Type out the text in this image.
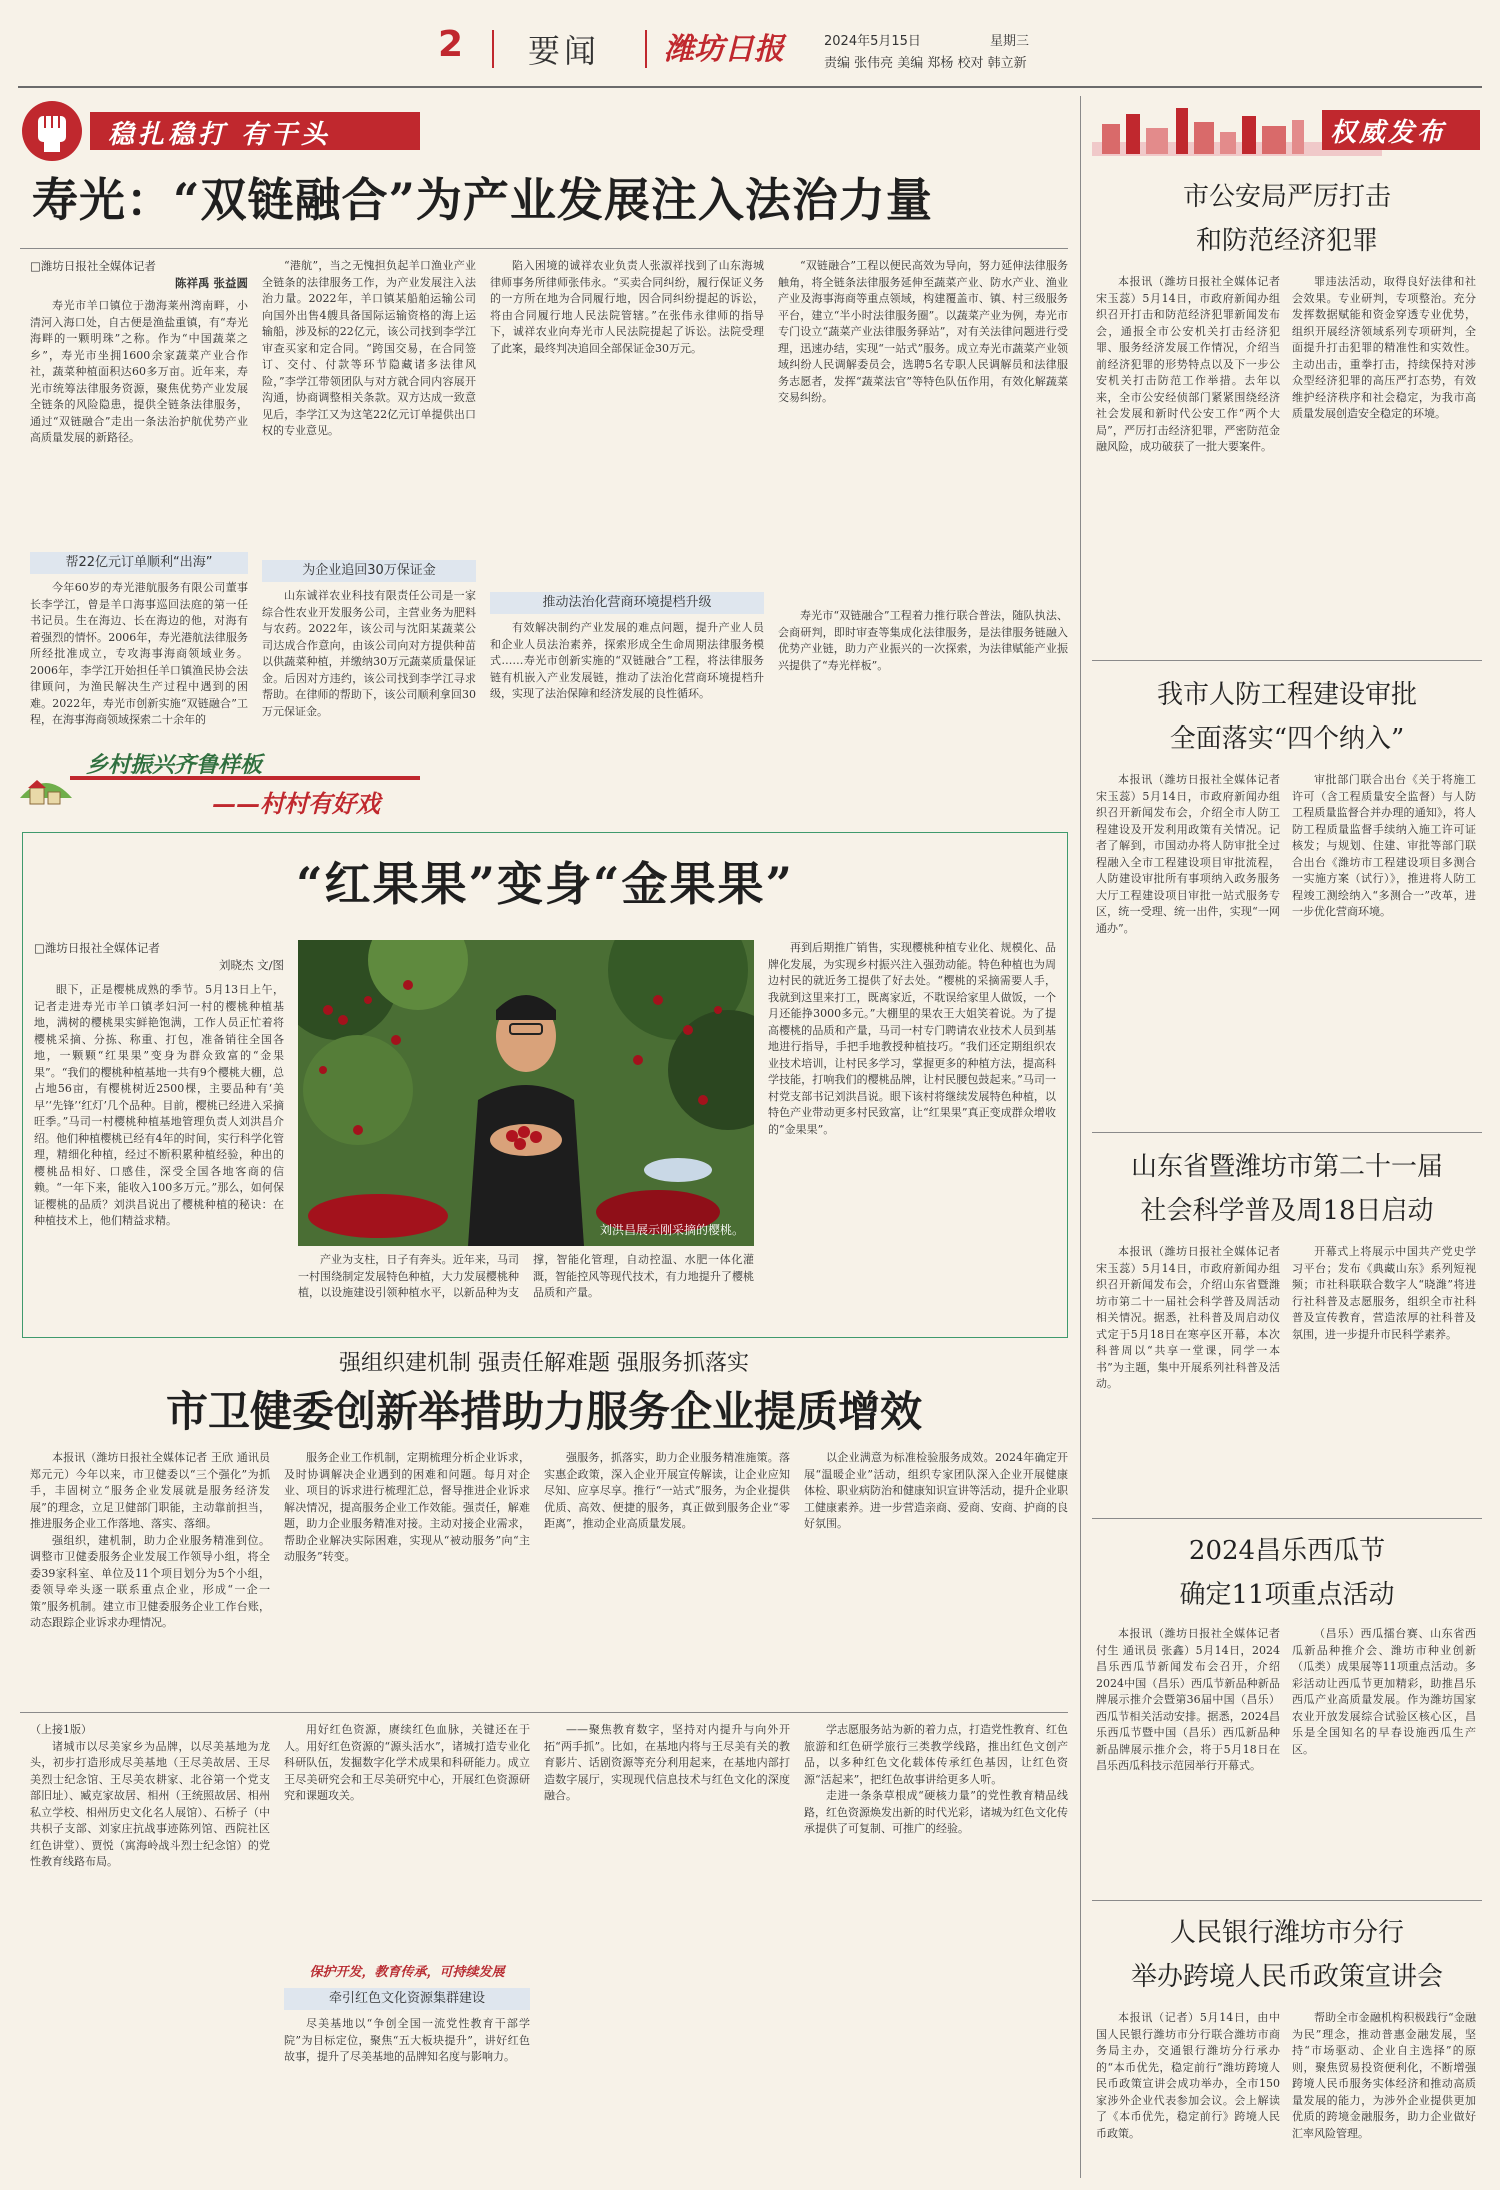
2 要闻 潍坊日报	2024年5月15日	星期三
责编 张伟亮 美编 郑杨 校对 韩立新
稳扎稳打 有干头
寿光：“双链融合”为产业发展注入法治力量
□潍坊日报社全媒体记者
陈祥禹 张益圆
寿光市羊口镇位于渤海莱州湾南畔，小清河入海口处，自古便是渔盐重镇，有“寿光海畔的一颗明珠”之称。作为“中国蔬菜之乡”，寿光市坐拥1600余家蔬菜产业合作社，蔬菜种植面积达60多万亩。近年来，寿光市统筹法律服务资源，聚焦优势产业发展全链条的风险隐患，提供全链条法律服务，通过“双链融合”走出一条法治护航优势产业高质量发展的新路径。
帮22亿元订单顺利“出海”
今年60岁的寿光港航服务有限公司董事长李学江，曾是羊口海事巡回法庭的第一任书记员。生在海边、长在海边的他，对海有着强烈的情怀。2006年，寿光港航法律服务所经批准成立，专攻海事海商领域业务。2006年，李学江开始担任羊口镇渔民协会法律顾问，为渔民解决生产过程中遇到的困难。2022年，寿光市创新实施“双链融合”工程，在海事海商领域探索二十余年的
“港航”，当之无愧担负起羊口渔业产业全链条的法律服务工作，为产业发展注入法治力量。2022年，羊口镇某船舶运输公司向国外出售4艘具备国际运输资格的海上运输船，涉及标的22亿元，该公司找到李学江审查买家和定合同。“跨国交易，在合同签订、交付、付款等环节隐藏诸多法律风险，”李学江带领团队与对方就合同内容展开沟通，协商调整相关条款。双方达成一致意见后，李学江又为这笔22亿元订单提供出口权的专业意见。
为企业追回30万保证金
山东诚祥农业科技有限责任公司是一家综合性农业开发服务公司，主营业务为肥料与农药。2022年，该公司与沈阳某蔬菜公司达成合作意向，由该公司向对方提供种苗以供蔬菜种植，并缴纳30万元蔬菜质量保证金。后因对方违约，该公司找到李学江寻求帮助。在律师的帮助下，该公司顺利拿回30万元保证金。
陷入困境的诚祥农业负责人张淑祥找到了山东海城律师事务所律师张伟永。“买卖合同纠纷，履行保证义务的一方所在地为合同履行地，因合同纠纷提起的诉讼，将由合同履行地人民法院管辖。”在张伟永律师的指导下，诚祥农业向寿光市人民法院提起了诉讼。法院受理了此案，最终判决追回全部保证金30万元。
推动法治化营商环境提档升级
有效解决制约产业发展的难点问题，提升产业人员和企业人员法治素养，探索形成全生命周期法律服务模式……寿光市创新实施的“双链融合”工程，将法律服务链有机嵌入产业发展链，推动了法治化营商环境提档升级，实现了法治保障和经济发展的良性循环。
“双链融合”工程以便民高效为导向，努力延伸法律服务触角，将全链条法律服务延伸至蔬菜产业、防水产业、渔业产业及海事海商等重点领域，构建覆盖市、镇、村三级服务平台，建立“半小时法律服务圈”。以蔬菜产业为例，寿光市专门设立“蔬菜产业法律服务驿站”，对有关法律问题进行受理，迅速办结，实现“一站式”服务。成立寿光市蔬菜产业领域纠纷人民调解委员会，选聘5名专职人民调解员和法律服务志愿者，发挥“蔬菜法官”等特色队伍作用，有效化解蔬菜交易纠纷。
寿光市“双链融合”工程着力推行联合普法，随队执法、会商研判，即时审查等集成化法律服务，是法律服务链融入优势产业链，助力产业振兴的一次探索，为法律赋能产业振兴提供了“寿光样板”。
乡村振兴齐鲁样板
——村村有好戏
“红果果”变身“金果果”
□潍坊日报社全媒体记者
刘晓杰 文/图
眼下，正是樱桃成熟的季节。5月13日上午，记者走进寿光市羊口镇孝妇河一村的樱桃种植基地，满树的樱桃果实鲜艳饱满，工作人员正忙着将樱桃采摘、分拣、称重、打包，准备销往全国各地，一颗颗“红果果”变身为群众致富的“金果果”。“我们的樱桃种植基地一共有9个樱桃大棚，总占地56亩，有樱桃树近2500棵，主要品种有‘美早’‘先锋’‘红灯’几个品种。目前，樱桃已经进入采摘旺季。”马司一村樱桃种植基地管理负责人刘洪昌介绍。他们种植樱桃已经有4年的时间，实行科学化管理，精细化种植，经过不断积累种植经验，种出的樱桃品相好、口感佳，深受全国各地客商的信赖。“一年下来，能收入100多万元。”那么，如何保证樱桃的品质？刘洪昌说出了樱桃种植的秘诀：在种植技术上，他们精益求精。
刘洪昌展示刚采摘的樱桃。
产业为支柱，日子有奔头。近年来，马司一村围绕制定发展特色种植，大力发展樱桃种植，以设施建设引领种植水平，以新品种为支撑，智能化管理，自动控温、水肥一体化灌溉，智能控风等现代技术，有力地提升了樱桃品质和产量。
再到后期推广销售，实现樱桃种植专业化、规模化、品牌化发展，为实现乡村振兴注入强劲动能。特色种植也为周边村民的就近务工提供了好去处。“樱桃的采摘需要人手，我就到这里来打工，既离家近，不耽误给家里人做饭，一个月还能挣3000多元。”大棚里的果农王大姐笑着说。为了提高樱桃的品质和产量，马司一村专门聘请农业技术人员到基地进行指导，手把手地教授种植技巧。“我们还定期组织农业技术培训，让村民多学习，掌握更多的种植方法，提高科学技能，打响我们的樱桃品牌，让村民腰包鼓起来。”马司一村党支部书记刘洪昌说。眼下该村将继续发展特色种植，以特色产业带动更多村民致富，让“红果果”真正变成群众增收的“金果果”。
强组织建机制 强责任解难题 强服务抓落实
市卫健委创新举措助力服务企业提质增效
本报讯（潍坊日报社全媒体记者 王欣 通讯员 郑元元）今年以来，市卫健委以“三个强化”为抓手，丰固树立“服务企业发展就是服务经济发展”的理念，立足卫健部门职能，主动靠前担当，推进服务企业工作落地、落实、落细。
强组织，建机制，助力企业服务精准到位。调整市卫健委服务企业发展工作领导小组，将全委39家科室、单位及11个项目划分为5个小组，委领导牵头逐一联系重点企业，形成“一企一策”服务机制。建立市卫健委服务企业工作台账，动态跟踪企业诉求办理情况。
服务企业工作机制，定期梳理分析企业诉求，及时协调解决企业遇到的困难和问题。每月对企业、项目的诉求进行梳理汇总，督导推进企业诉求解决情况，提高服务企业工作效能。强责任，解难题，助力企业服务精准对接。主动对接企业需求，帮助企业解决实际困难，实现从“被动服务”向“主动服务”转变。
强服务，抓落实，助力企业服务精准施策。落实惠企政策，深入企业开展宣传解读，让企业应知尽知、应享尽享。推行“一站式”服务，为企业提供优质、高效、便捷的服务，真正做到服务企业“零距离”，推动企业高质量发展。
以企业满意为标准检验服务成效。2024年确定开展“温暖企业”活动，组织专家团队深入企业开展健康体检、职业病防治和健康知识宣讲等活动，提升企业职工健康素养。进一步营造亲商、爱商、安商、护商的良好氛围。
（上接1版）
诸城市以尽美家乡为品牌，以尽美基地为龙头，初步打造形成尽美基地（王尽美故居、王尽美烈士纪念馆、王尽美农耕家、北谷第一个党支部旧址）、臧克家故居、相州（王统照故居、相州私立学校、相州历史文化名人展馆）、石桥子（中共枳子支部、刘家庄抗战事迹陈列馆、西院社区红色讲堂）、贾悦（寓海岭战斗烈士纪念馆）的党性教育线路布局。
用好红色资源，赓续红色血脉，关键还在于人。用好红色资源的“源头活水”，诸城打造专业化科研队伍，发掘数字化学术成果和科研能力。成立王尽美研究会和王尽美研究中心，开展红色资源研究和课题攻关。
保护开发，教育传承，可持续发展
牵引红色文化资源集群建设
尽美基地以“争创全国一流党性教育干部学院”为目标定位，聚焦“五大板块提升”，讲好红色故事，提升了尽美基地的品牌知名度与影响力。
——聚焦教育数字，坚持对内提升与向外开拓“两手抓”。比如，在基地内将与王尽美有关的教育影片、话剧资源等充分利用起来，在基地内部打造数字展厅，实现现代信息技术与红色文化的深度融合。
学志愿服务站为新的着力点，打造党性教育、红色旅游和红色研学旅行三类教学线路，推出红色文创产品，以多种红色文化载体传承红色基因，让红色资源“活起来”，把红色故事讲给更多人听。
走进一条条草根成“硬核力量”的党性教育精品线路，红色资源焕发出新的时代光彩，诸城为红色文化传承提供了可复制、可推广的经验。
权威发布
市公安局严厉打击
和防范经济犯罪
本报讯（潍坊日报社全媒体记者 宋玉蕊）5月14日，市政府新闻办组织召开打击和防范经济犯罪新闻发布会，通报全市公安机关打击经济犯罪、服务经济发展工作情况，介绍当前经济犯罪的形势特点以及下一步公安机关打击防范工作举措。去年以来，全市公安经侦部门紧紧围绕经济社会发展和新时代公安工作“两个大局”，严厉打击经济犯罪，严密防范金融风险，成功破获了一批大要案件。
罪违法活动，取得良好法律和社会效果。专业研判，专项整治。充分发挥数据赋能和资金穿透专业优势，组织开展经济领域系列专项研判，全面提升打击犯罪的精准性和实效性。主动出击，重拳打击，持续保持对涉众型经济犯罪的高压严打态势，有效维护经济秩序和社会稳定，为我市高质量发展创造安全稳定的环境。
我市人防工程建设审批
全面落实“四个纳入”
本报讯（潍坊日报社全媒体记者 宋玉蕊）5月14日，市政府新闻办组织召开新闻发布会，介绍全市人防工程建设及开发利用政策有关情况。记者了解到，市国动办将人防审批全过程融入全市工程建设项目审批流程，人防建设审批所有事项纳入政务服务大厅工程建设项目审批一站式服务专区，统一受理、统一出件，实现“一网通办”。
审批部门联合出台《关于将施工许可（含工程质量安全监督）与人防工程质量监督合并办理的通知》，将人防工程质量监督手续纳入施工许可证核发；与规划、住建、审批等部门联合出台《潍坊市工程建设项目多测合一实施方案（试行）》，推进将人防工程竣工测绘纳入“多测合一”改革，进一步优化营商环境。
山东省暨潍坊市第二十一届
社会科学普及周18日启动
本报讯（潍坊日报社全媒体记者 宋玉蕊）5月14日，市政府新闻办组织召开新闻发布会，介绍山东省暨潍坊市第二十一届社会科学普及周活动相关情况。据悉，社科普及周启动仪式定于5月18日在寒亭区开幕，本次科普周以“共享一堂课，同学一本书”为主题，集中开展系列社科普及活动。
开幕式上将展示中国共产党史学习平台；发布《典藏山东》系列短视频；市社科联联合数字人“晓潍”将进行社科普及志愿服务，组织全市社科普及宣传教育，营造浓厚的社科普及氛围，进一步提升市民科学素养。
2024昌乐西瓜节
确定11项重点活动
本报讯（潍坊日报社全媒体记者 付生 通讯员 张鑫）5月14日，2024昌乐西瓜节新闻发布会召开，介绍2024中国（昌乐）西瓜节新品种新品牌展示推介会暨第36届中国（昌乐）西瓜节相关活动安排。据悉，2024昌乐西瓜节暨中国（昌乐）西瓜新品种新品牌展示推介会，将于5月18日在昌乐西瓜科技示范园举行开幕式。
（昌乐）西瓜擂台赛、山东省西瓜新品种推介会、潍坊市种业创新（瓜类）成果展等11项重点活动。多彩活动让西瓜节更加精彩，助推昌乐西瓜产业高质量发展。作为潍坊国家农业开放发展综合试验区核心区，昌乐是全国知名的早春设施西瓜生产区。
人民银行潍坊市分行
举办跨境人民币政策宣讲会
本报讯（记者）5月14日，由中国人民银行潍坊市分行联合潍坊市商务局主办，交通银行潍坊分行承办的“本币优先，稳定前行”潍坊跨境人民币政策宣讲会成功举办，全市150家涉外企业代表参加会议。会上解读了《本币优先，稳定前行》跨境人民币政策。
帮助全市金融机构积极践行“金融为民”理念，推动普惠金融发展，坚持“市场驱动、企业自主选择”的原则，聚焦贸易投资便利化，不断增强跨境人民币服务实体经济和推动高质量发展的能力，为涉外企业提供更加优质的跨境金融服务，助力企业做好汇率风险管理。
